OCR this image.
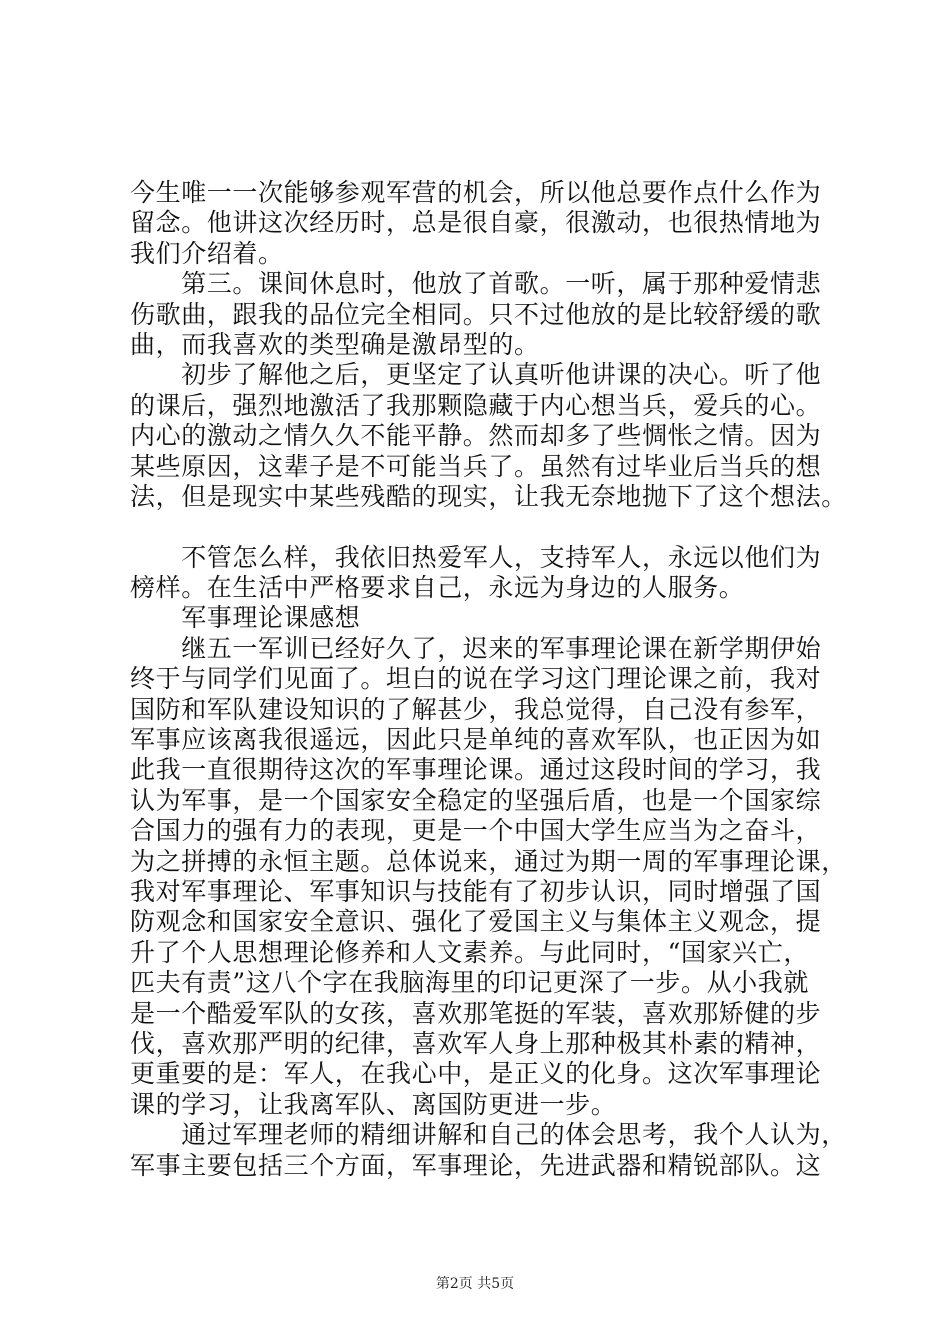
今生唯一一次能够参观军营的机会，所以他总要作点什么作为
留念。他讲这次经历时，总是很自豪，很激动，也很热情地为
我们介绍着。
　　第三。课间休息时，他放了首歌。一听，属于那种爱情悲
伤歌曲，跟我的品位完全相同。只不过他放的是比较舒缓的歌
曲，而我喜欢的类型确是激昂型的。
　　初步了解他之后，更坚定了认真听他讲课的决心。听了他
的课后，强烈地激活了我那颗隐藏于内心想当兵，爱兵的心。
内心的激动之情久久不能平静。然而却多了些惆怅之情。因为
某些原因，这辈子是不可能当兵了。虽然有过毕业后当兵的想
法，但是现实中某些残酷的现实，让我无奈地抛下了这个想法。
　　不管怎么样，我依旧热爱军人，支持军人，永远以他们为
榜样。在生活中严格要求自己，永远为身边的人服务。
　　军事理论课感想
　　继五一军训已经好久了，迟来的军事理论课在新学期伊始
终于与同学们见面了。坦白的说在学习这门理论课之前，我对
国防和军队建设知识的了解甚少，我总觉得，自己没有参军，
军事应该离我很遥远，因此只是单纯的喜欢军队，也正因为如
此我一直很期待这次的军事理论课。通过这段时间的学习，我
认为军事，是一个国家安全稳定的坚强后盾，也是一个国家综
合国力的强有力的表现，更是一个中国大学生应当为之奋斗，
为之拼搏的永恒主题。总体说来，通过为期一周的军事理论课，
我对军事理论、军事知识与技能有了初步认识，同时增强了国
防观念和国家安全意识、强化了爱国主义与集体主义观念，提
升了个人思想理论修养和人文素养。与此同时，“国家兴亡，
匹夫有责”这八个字在我脑海里的印记更深了一步。从小我就
是一个酷爱军队的女孩，喜欢那笔挺的军装，喜欢那矫健的步
伐，喜欢那严明的纪律，喜欢军人身上那种极其朴素的精神，
更重要的是：军人，在我心中，是正义的化身。这次军事理论
课的学习，让我离军队、离国防更进一步。
　　通过军理老师的精细讲解和自己的体会思考，我个人认为，
军事主要包括三个方面，军事理论，先进武器和精锐部队。这
第2页 共5页
